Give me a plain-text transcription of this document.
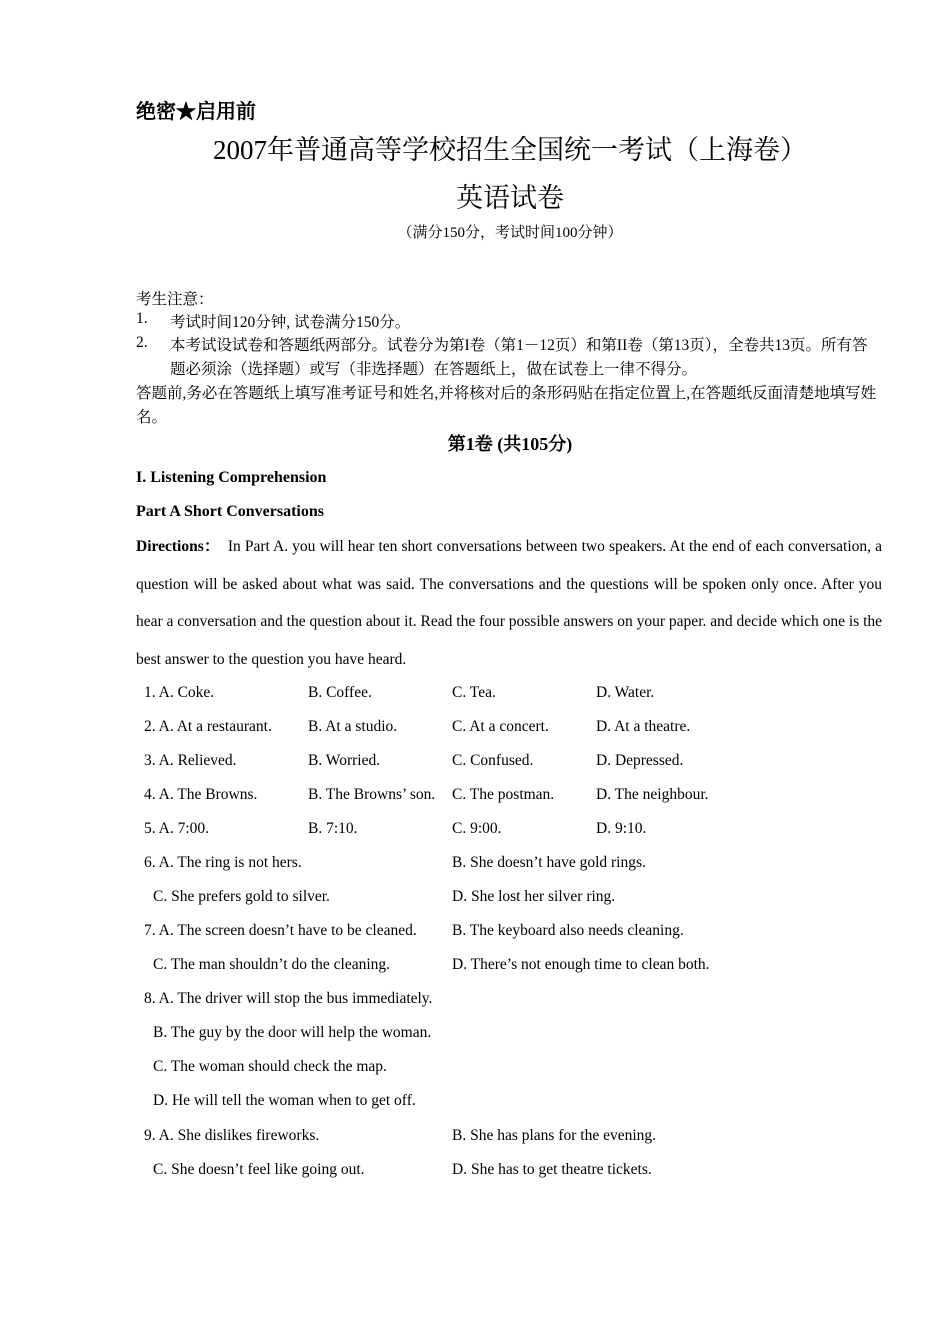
绝密★启用前
2007年普通高等学校招生全国统一考试（上海卷）
英语试卷
（满分150分，考试时间100分钟）
考生注意：
1. 考试时间120分钟, 试卷满分150分。
2. 本考试设试卷和答题纸两部分。试卷分为第I卷（第1－12页）和第II卷（第13页），全卷共13页。所有答题必须涂（选择题）或写（非选择题）在答题纸上，做在试卷上一律不得分。
答题前,务必在答题纸上填写准考证号和姓名,并将核对后的条形码贴在指定位置上,在答题纸反面清楚地填写姓名。
第1卷 (共105分)
I. Listening Comprehension
Part A Short Conversations
Directions： In Part A. you will hear ten short conversations between two speakers. At the end of each conversation, a question will be asked about what was said. The conversations and the questions will be spoken only once. After you hear a conversation and the question about it. Read the four possible answers on your paper. and decide which one is the best answer to the question you have heard.
1. A. Coke.	B. Coffee.	C. Tea.	D. Water.
2. A. At a restaurant. B. At a studio.	C. At a concert.	D. At a theatre.
3. A. Relieved.	B. Worried.	C. Confused.	D. Depressed.
4. A. The Browns.	B. The Browns’ son. C. The postman.	D. The neighbour.
5. A. 7:00.	B. 7:10.	C. 9:00.	D. 9:10.
6. A. The ring is not hers.	B. She doesn’t have gold rings.
C. She prefers gold to silver.	D. She lost her silver ring.
7. A. The screen doesn’t have to be cleaned. B. The keyboard also needs cleaning.
C. The man shouldn’t do the cleaning.	D. There’s not enough time to clean both.
8. A. The driver will stop the bus immediately.
B. The guy by the door will help the woman.
C. The woman should check the map.
D. He will tell the woman when to get off.
9. A. She dislikes fireworks.	B. She has plans for the evening.
C. She doesn’t feel like going out.	D. She has to get theatre tickets.
